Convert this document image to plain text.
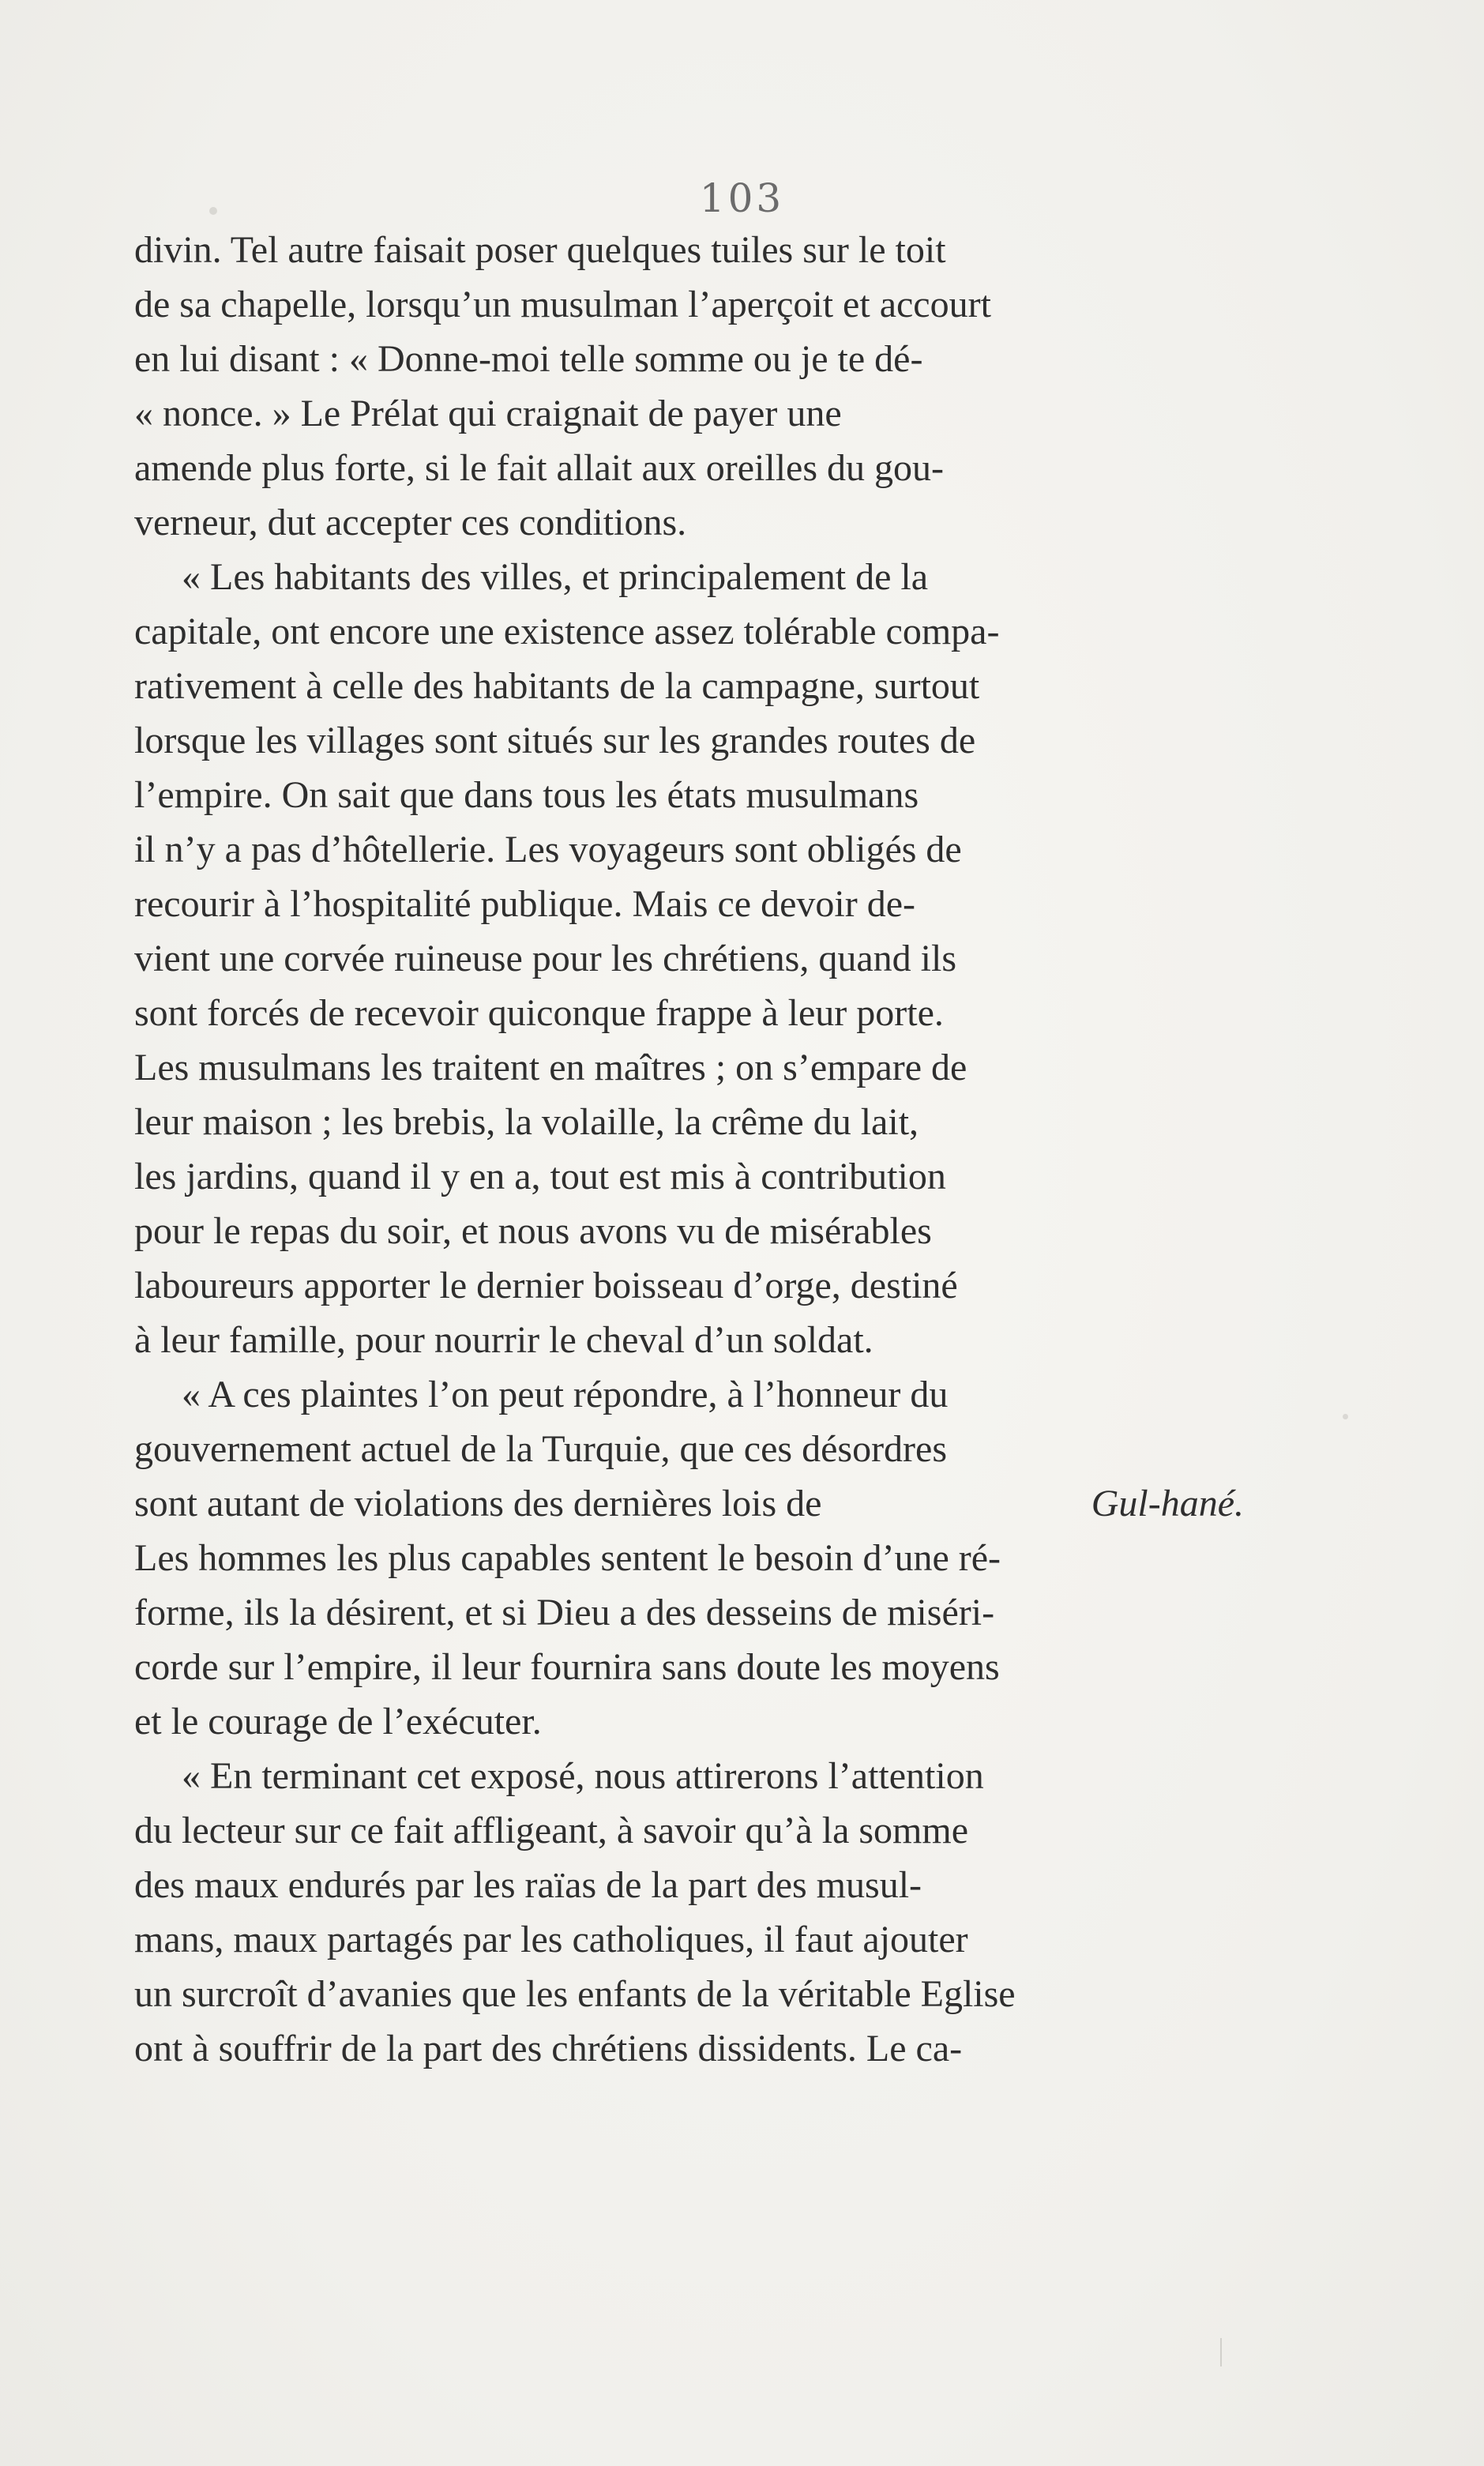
103
divin. Tel autre faisait poser quelques tuiles sur le toit
de sa chapelle, lorsqu’un musulman l’aperçoit et accourt
en lui disant : « Donne-moi telle somme ou je te dé-
« nonce. » Le Prélat qui craignait de payer une
amende plus forte, si le fait allait aux oreilles du gou-
verneur, dut accepter ces conditions.
« Les habitants des villes, et principalement de la
capitale, ont encore une existence assez tolérable compa-
rativement à celle des habitants de la campagne, surtout
lorsque les villages sont situés sur les grandes routes de
l’empire. On sait que dans tous les états musulmans
il n’y a pas d’hôtellerie. Les voyageurs sont obligés de
recourir à l’hospitalité publique. Mais ce devoir de-
vient une corvée ruineuse pour les chrétiens, quand ils
sont forcés de recevoir quiconque frappe à leur porte.
Les musulmans les traitent en maîtres ; on s’empare de
leur maison ; les brebis, la volaille, la crême du lait,
les jardins, quand il y en a, tout est mis à contribution
pour le repas du soir, et nous avons vu de misérables
laboureurs apporter le dernier boisseau d’orge, destiné
à leur famille, pour nourrir le cheval d’un soldat.
« A ces plaintes l’on peut répondre, à l’honneur du
gouvernement actuel de la Turquie, que ces désordres
sont autant de violations des dernières lois de	Gul-hané.
Les hommes les plus capables sentent le besoin d’une ré-
forme, ils la désirent, et si Dieu a des desseins de miséri-
corde sur l’empire, il leur fournira sans doute les moyens
et le courage de l’exécuter.
« En terminant cet exposé, nous attirerons l’attention
du lecteur sur ce fait affligeant, à savoir qu’à la somme
des maux endurés par les raïas de la part des musul-
mans, maux partagés par les catholiques, il faut ajouter
un surcroît d’avanies que les enfants de la véritable Eglise
ont à souffrir de la part des chrétiens dissidents. Le ca-
